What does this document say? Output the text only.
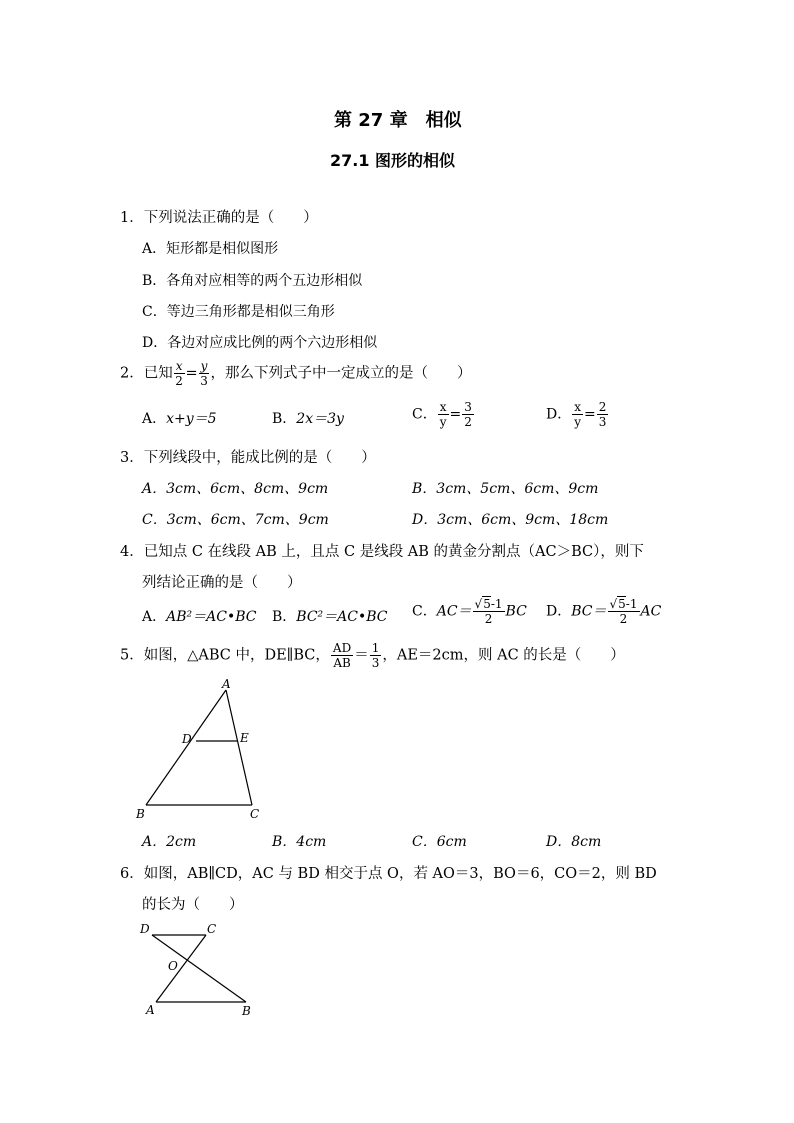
第 27 章　相似
27.1 图形的相似
1．下列说法正确的是（　　）
A．矩形都是相似图形
B．各角对应相等的两个五边形相似
C．等边三角形都是相似三角形
D．各边对应成比例的两个六边形相似
2．已知 $\frac{x}{2} = \frac{y}{3}$ ，那么下列式子中一定成立的是（　　）
A．x+y＝5	B．2x＝3y	C． $\frac{x}{y} = \frac{3}{2}$	D． $\frac{x}{y} = \frac{2}{3}$
3．下列线段中，能成比例的是（　　）
A．3cm、6cm、8cm、9cm	B．3cm、5cm、6cm、9cm
C．3cm、6cm、7cm、9cm	D．3cm、6cm、9cm、18cm
4．已知点 C 在线段 AB 上，且点 C 是线段 AB 的黄金分割点（AC＞BC），则下
列结论正确的是（　　）
A．AB²＝AC•BC B．BC²＝AC•BC C．$AC= \frac{√5-1}{2}$ BC D．$BC= \frac{√5-1}{2}$ AC
5．如图，△ABC 中，DE∥BC， $\frac{AD}{AB} = \frac{1}{3}$ ，AE＝2cm，则 AC 的长是（　　）
A
D	E
B	C
A．2cm	B．4cm	C．6cm	D．8cm
6．如图，AB∥CD，AC 与 BD 相交于点 O，若 AO＝3，BO＝6，CO＝2，则 BD
的长为（　　）
D	C
O
A	B
